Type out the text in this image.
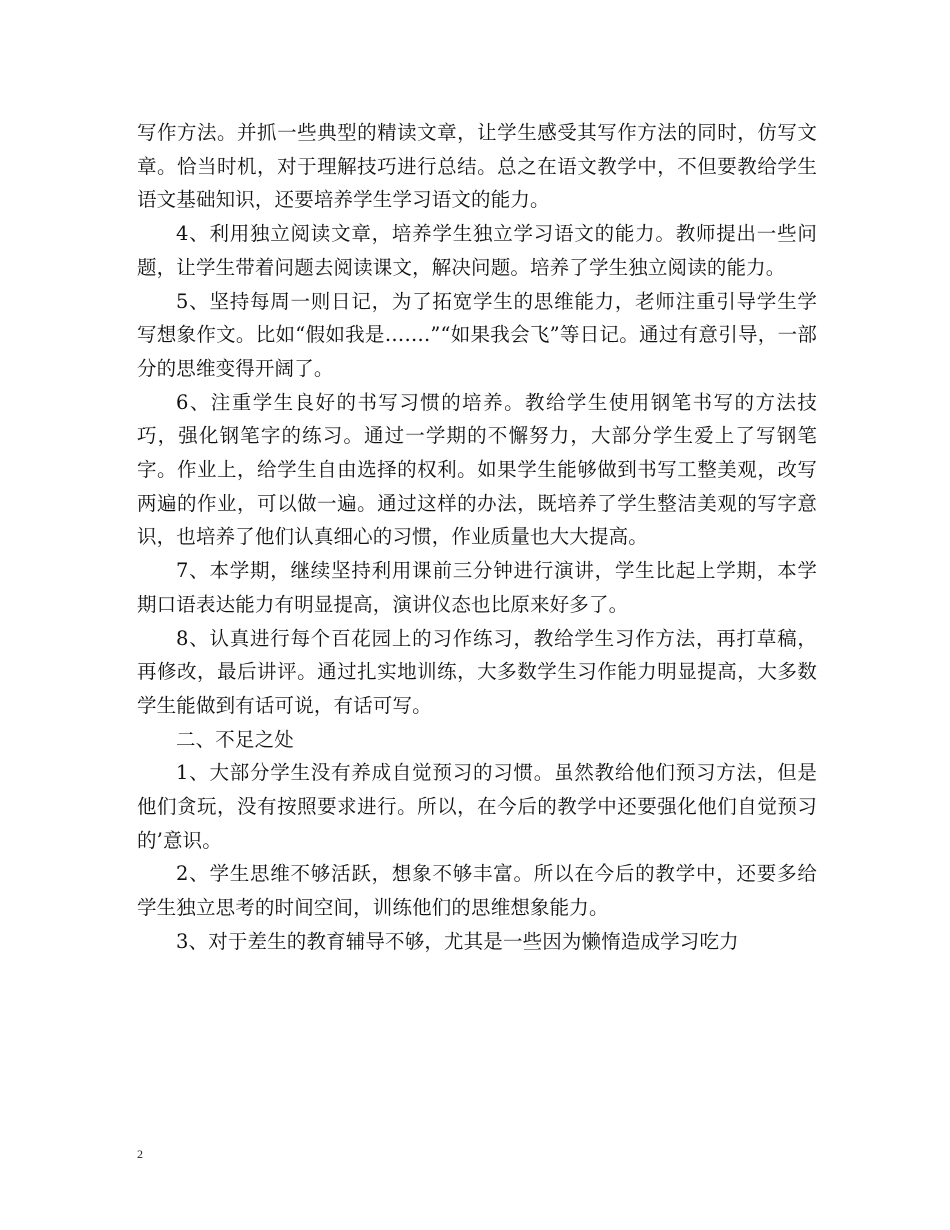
写作方法。并抓一些典型的精读文章，让学生感受其写作方法的同时，仿写文章。恰当时机，对于理解技巧进行总结。总之在语文教学中，不但要教给学生语文基础知识，还要培养学生学习语文的能力。

4、利用独立阅读文章，培养学生独立学习语文的能力。教师提出一些问题，让学生带着问题去阅读课文，解决问题。培养了学生独立阅读的能力。

5、坚持每周一则日记，为了拓宽学生的思维能力，老师注重引导学生学写想象作文。比如“假如我是…….”“如果我会飞”等日记。通过有意引导，一部分的思维变得开阔了。

6、注重学生良好的书写习惯的培养。教给学生使用钢笔书写的方法技巧，强化钢笔字的练习。通过一学期的不懈努力，大部分学生爱上了写钢笔字。作业上，给学生自由选择的权利。如果学生能够做到书写工整美观，改写两遍的作业，可以做一遍。通过这样的办法，既培养了学生整洁美观的写字意识，也培养了他们认真细心的习惯，作业质量也大大提高。

7、本学期，继续坚持利用课前三分钟进行演讲，学生比起上学期，本学期口语表达能力有明显提高，演讲仪态也比原来好多了。

8、认真进行每个百花园上的习作练习，教给学生习作方法，再打草稿，再修改，最后讲评。通过扎实地训练，大多数学生习作能力明显提高，大多数学生能做到有话可说，有话可写。

二、不足之处

1、大部分学生没有养成自觉预习的习惯。虽然教给他们预习方法，但是他们贪玩，没有按照要求进行。所以，在今后的教学中还要强化他们自觉预习的’意识。

2、学生思维不够活跃，想象不够丰富。所以在今后的教学中，还要多给学生独立思考的时间空间，训练他们的思维想象能力。

3、对于差生的教育辅导不够，尤其是一些因为懒惰造成学习吃力

2
